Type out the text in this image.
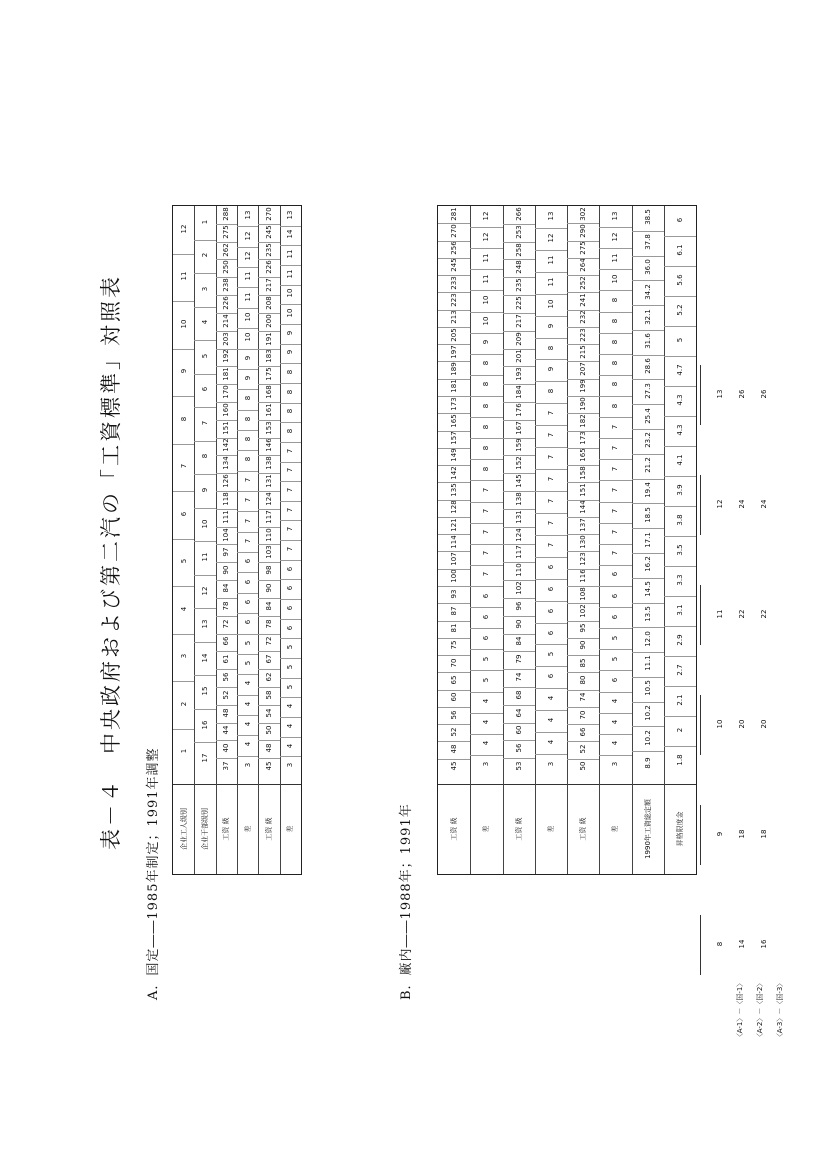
表－４　中央政府および第二汽の「工資標準」対照表
A．国定――1985年制定；1991年調整	B．廠内――1988年；1991年
企业工人级别
1
2
3
4
5
6
7
8
9
10
11
12
企业干部级别
17
16
15
14
13
12
11
10
9
8
7
6
5
4
3
2
1
工资 級
37
40
44
48
52
56
61
66
72
78
84
90
97
104
111
118
126
134
142
151
160
170
181
192
203
214
226
238
250
262
275
288
差
3
4
4
4
4
5
5
6
6
6
6
7
7
7
7
8
8
8
8
9
9
10
10
11
11
12
12
13
工资 級
45
48
50
54
58
62
67
72
78
84
90
98
103
110
117
124
131
138
146
153
161
168
175
183
191
200
208
217
226
235
245
270
差
3
4
4
4
5
5
5
6
6
6
6
7
7
7
7
7
7
8
8
8
8
9
9
10
10
11
11
14
13
工资 級
45
48
52
56
60
65
70
75
81
87
93
100
107
114
121
128
135
142
149
157
165
173
181
189
197
205
213
223
233
245
256
270
281
差
3
4
4
4
5
5
6
6
6
7
7
7
7
7
8
8
8
8
8
8
9
10
10
11
11
12
12
工资 級
53
56
60
64
68
74
79
84
90
96
102
110
117
124
131
138
145
152
159
167
176
184
193
201
209
217
225
235
248
258
253
266
差
3
4
4
4
6
5
6
6
6
6
7
7
7
7
7
7
7
8
9
8
9
10
11
11
12
13
工资 級
50
52
66
70
74
80
85
90
95
102
108
116
123
130
137
144
151
158
165
173
182
190
199
207
215
223
232
241
252
264
275
290
302
差
3
4
4
4
6
5
5
6
6
6
7
7
7
7
7
7
7
8
8
8
8
8
8
10
11
12
13
1990年工資総定額
8.9
10.2
10.2
10.5
11.1
12.0
13.5
14.5
16.2
17.1
18.5
19.4
21.2
23.2
25.4
27.3
28.6
31.6
32.1
34.2
36.0
37.8
38.5
昇格限度金
1.8
2
2.1
2.7
2.9
3.1
3.3
3.5
3.8
3.9
4.1
4.3
4.3
4.7
5
5.2
5.6
6.1
6
〈A-1〉－〈国-1〉 〈A-2〉－〈国-2〉 〈A-3〉－〈国-3〉
8 14 16
9 18 18
10 20 20
11 22 22
12 24 24
13 26 26
